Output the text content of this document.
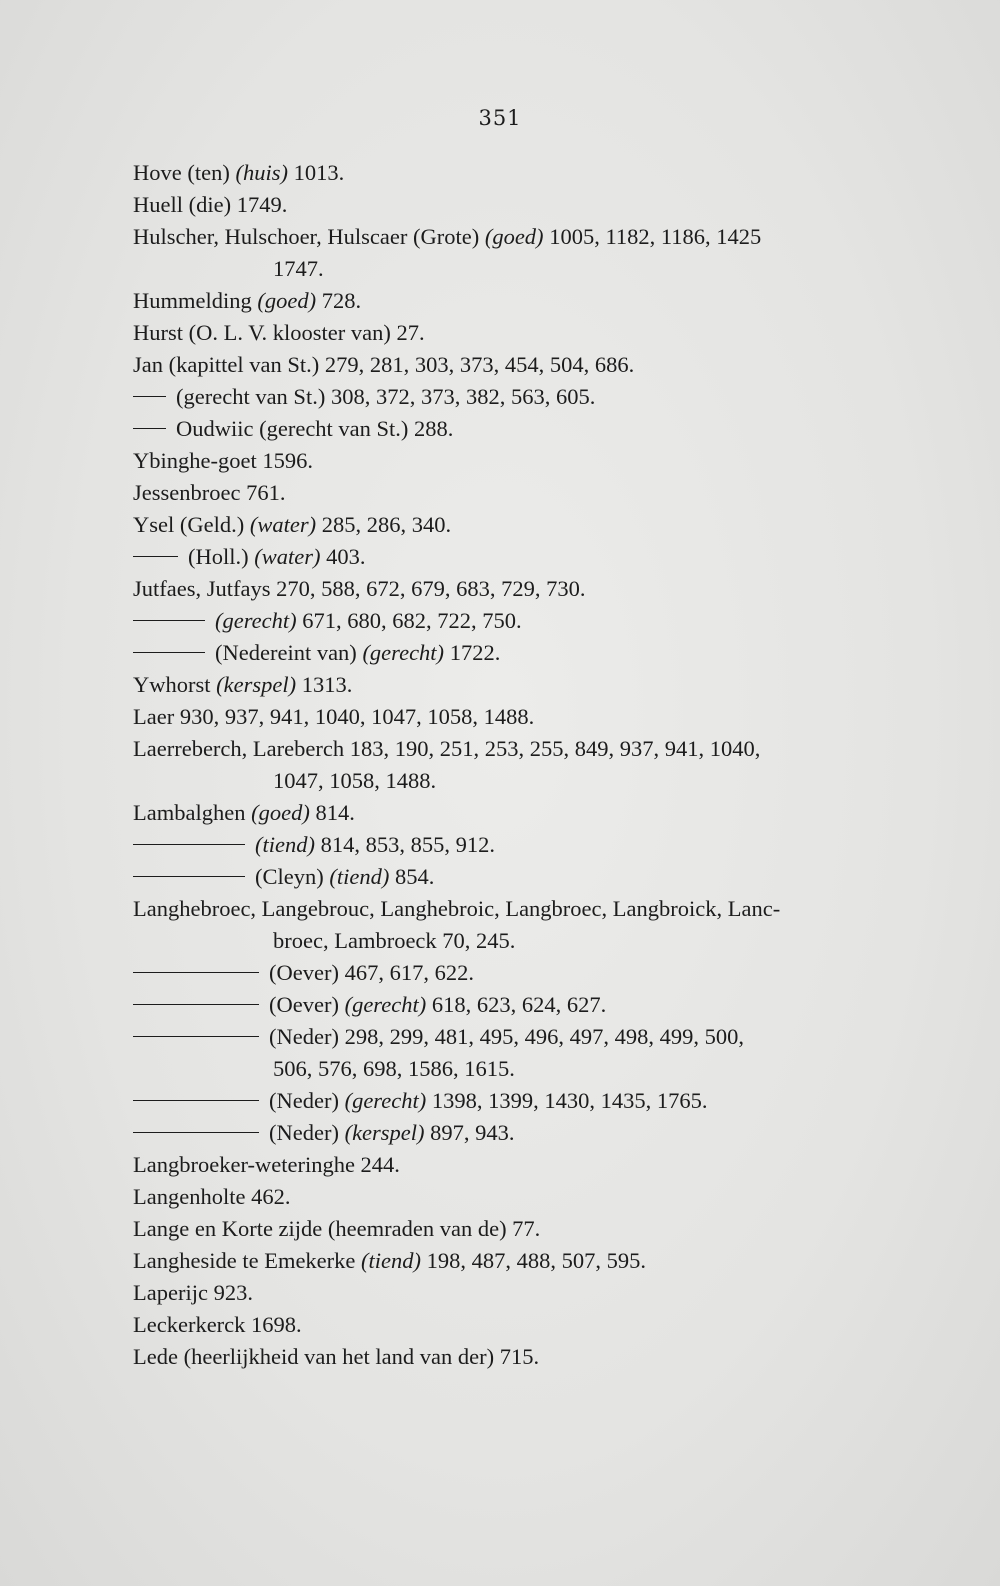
351
Hove (ten) (huis) 1013.
Huell (die) 1749.
Hulscher, Hulschoer, Hulscaer (Grote) (goed) 1005, 1182, 1186, 1425
1747.
Hummelding (goed) 728.
Hurst (O. L. V. klooster van) 27.
Jan (kapittel van St.) 279, 281, 303, 373, 454, 504, 686.
(gerecht van St.) 308, 372, 373, 382, 563, 605.
Oudwiic (gerecht van St.) 288.
Ybinghe-goet 1596.
Jessenbroec 761.
Ysel (Geld.) (water) 285, 286, 340.
(Holl.) (water) 403.
Jutfaes, Jutfays 270, 588, 672, 679, 683, 729, 730.
(gerecht) 671, 680, 682, 722, 750.
(Nedereint van) (gerecht) 1722.
Ywhorst (kerspel) 1313.
Laer 930, 937, 941, 1040, 1047, 1058, 1488.
Laerreberch, Lareberch 183, 190, 251, 253, 255, 849, 937, 941, 1040,
1047, 1058, 1488.
Lambalghen (goed) 814.
(tiend) 814, 853, 855, 912.
(Cleyn) (tiend) 854.
Langhebroec, Langebrouc, Langhebroic, Langbroec, Langbroick, Lanc-
broec, Lambroeck 70, 245.
(Oever) 467, 617, 622.
(Oever) (gerecht) 618, 623, 624, 627.
(Neder) 298, 299, 481, 495, 496, 497, 498, 499, 500,
506, 576, 698, 1586, 1615.
(Neder) (gerecht) 1398, 1399, 1430, 1435, 1765.
(Neder) (kerspel) 897, 943.
Langbroeker-weteringhe 244.
Langenholte 462.
Lange en Korte zijde (heemraden van de) 77.
Langheside te Emekerke (tiend) 198, 487, 488, 507, 595.
Laperijc 923.
Leckerkerck 1698.
Lede (heerlijkheid van het land van der) 715.
